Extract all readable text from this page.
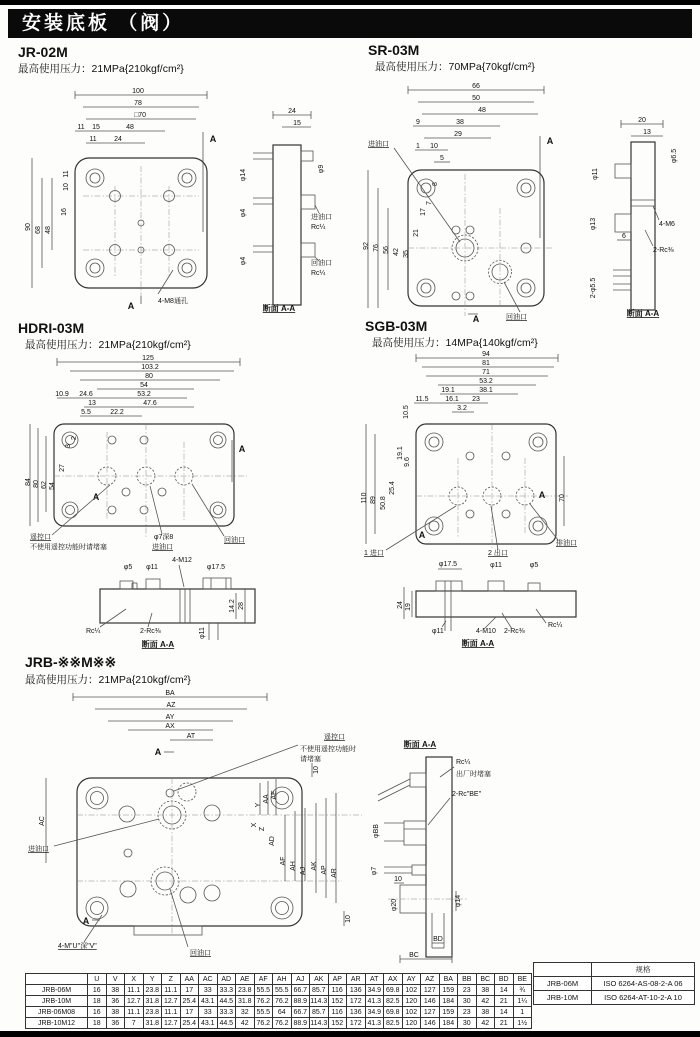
安装底板 （阀）
JR-02M
最高使用压力：21MPa{210kgf/cm²}
100
78
□70
11 15	48
11 24	A
90 68 48
16
10
11
A	4-M8通孔
24
15
φ14
φ4
φ4
φ9
进油口
Rc¼
回油口
Rc¼
断面 A-A
SR-03M
最高使用压力：70MPa{70kgf/cm²}
66
50
48
9	38
29
1 10
5
A
92 76 56 42 35
21
17
7
8
进油口
回油口
A
20
13
φ6.5
φ11
4-M6
φ13
6
2-Rc⅜
2-φ5.5
断面 A-A
HDRI-03M
最高使用压力：21MPa{210kgf/cm²}
125
103.2
80
54
10.9 24.6	53.2
13	47.6
5.5	22.2
84 80 62 54
27
3
2
A
A
遥控口
不使用遥控功能时请堵塞
φ7深8
进油口
回油口
φ5 φ11
4-M12
φ17.5
φ11
14.2 28
Rc¼	2-Rc⅜
断面 A-A
SGB-03M
最高使用压力：14MPa{140kgf/cm²}
94
81
71
53.2
19.1	38.1
11.5 16.1 23
3.2
10.5
110 89 50.8
25.4
19.1
9.6
70
A
A
1 进口	2 出口
排油口
φ17.5	φ11	φ5
24 19
φ11	4-M10 2-Rc⅜
Rc¼
断面 A-A
JRB-※※M※※
最高使用压力：21MPa{210kgf/cm²}
BA
AZ
AY
AX
AT
A
遥控口
不使用遥控功能时
请堵塞
10
AC
Y
AA AE
X
Z
AD
AF
AH
AJ
AK AP AR
10
进油口
4-M"U"深"V"
回油口
A
断面 A-A
Rc¼
出厂时堵塞
2-Rc"BE"
φBB
φ7
10
φ20	φ14
BD
BC
	U	V	X	Y	Z	AA	AC	AD	AE	AF	AH	AJ	AK	AP	AR	AT	AX	AY	AZ	BA	BB	BC	BD	BE
JRB-06M	16	38	11.1	23.8	11.1	17	33	33.3	23.8	55.5	55.5	66.7	85.7	116	136	34.9	69.8	102	127	159	23	38	14	¾
JRB-10M	18	36	12.7	31.8	12.7	25.4	43.1	44.5	31.8	76.2	76.2	88.9	114.3	152	172	41.3	82.5	120	146	184	30	42	21	1¼
JRB-06M08	16	38	11.1	23.8	11.1	17	33	33.3	32	55.5	64	66.7	85.7	116	136	34.9	69.8	102	127	159	23	38	14	1
JRB-10M12	18	36	7	31.8	12.7	25.4	43.1	44.5	42	76.2	76.2	88.9	114.3	152	172	41.3	82.5	120	146	184	30	42	21	1½
	规格
JRB-06M	ISO 6264-AS-08-2-A 06
JRB-10M	ISO 6264-AT-10-2-A 10
